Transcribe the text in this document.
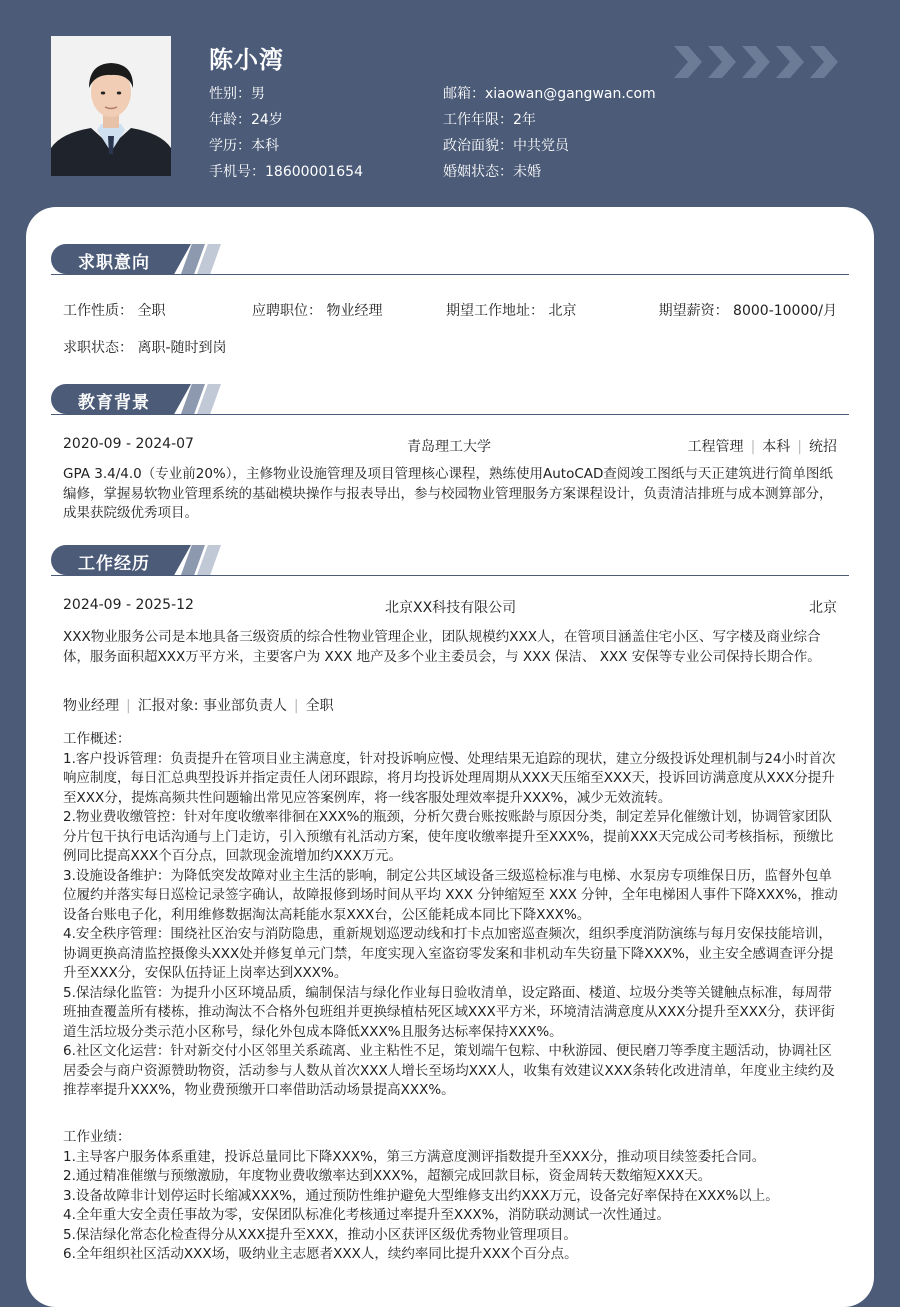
陈小湾
性别：男
年龄：24岁
学历：本科
手机号：18600001654
邮箱：xiaowan@gangwan.com
工作年限：2年
政治面貌：中共党员
婚姻状态：未婚
求职意向
工作性质： 全职	应聘职位： 物业经理	期望工作地址： 北京	期望薪资： 8000-10000/月
求职状态： 离职-随时到岗
教育背景
2020-09 - 2024-07	青岛理工大学	工程管理 | 本科 | 统招
GPA 3.4/4.0（专业前20%），主修物业设施管理及项目管理核心课程，熟练使用AutoCAD查阅竣工图纸与天正建筑进行简单图纸编修，掌握易软物业管理系统的基础模块操作与报表导出，参与校园物业管理服务方案课程设计，负责清洁排班与成本测算部分，成果获院级优秀项目。
工作经历
2024-09 - 2025-12	北京XX科技有限公司	北京
XXX物业服务公司是本地具备三级资质的综合性物业管理企业，团队规模约XXX人，在管项目涵盖住宅小区、写字楼及商业综合体，服务面积超XXX万平方米，主要客户为 XXX 地产及多个业主委员会，与 XXX 保洁、 XXX 安保等专业公司保持长期合作。
物业经理 | 汇报对象: 事业部负责人 | 全职
工作概述：
1.客户投诉管理：负责提升在管项目业主满意度，针对投诉响应慢、处理结果无追踪的现状，建立分级投诉处理机制与24小时首次响应制度，每日汇总典型投诉并指定责任人闭环跟踪，将月均投诉处理周期从XXX天压缩至XXX天，投诉回访满意度从XXX分提升至XXX分，提炼高频共性问题输出常见应答案例库，将一线客服处理效率提升XXX%，减少无效流转。
2.物业费收缴管控：针对年度收缴率徘徊在XXX%的瓶颈，分析欠费台账按账龄与原因分类，制定差异化催缴计划，协调管家团队分片包干执行电话沟通与上门走访，引入预缴有礼活动方案，使年度收缴率提升至XXX%，提前XXX天完成公司考核指标，预缴比例同比提高XXX个百分点，回款现金流增加约XXX万元。
3.设施设备维护：为降低突发故障对业主生活的影响，制定公共区域设备三级巡检标准与电梯、水泵房专项维保日历，监督外包单位履约并落实每日巡检记录签字确认，故障报修到场时间从平均 XXX 分钟缩短至 XXX 分钟，全年电梯困人事件下降XXX%，推动设备台账电子化，利用维修数据淘汰高耗能水泵XXX台，公区能耗成本同比下降XXX%。
4.安全秩序管理：围绕社区治安与消防隐患，重新规划巡逻动线和打卡点加密巡查频次，组织季度消防演练与每月安保技能培训，协调更换高清监控摄像头XXX处并修复单元门禁，年度实现入室盗窃零发案和非机动车失窃量下降XXX%，业主安全感调查评分提升至XXX分，安保队伍持证上岗率达到XXX%。
5.保洁绿化监管：为提升小区环境品质，编制保洁与绿化作业每日验收清单，设定路面、楼道、垃圾分类等关键触点标准，每周带班抽查覆盖所有楼栋，推动淘汰不合格外包班组并更换绿植枯死区域XXX平方米，环境清洁满意度从XXX分提升至XXX分，获评街道生活垃圾分类示范小区称号，绿化外包成本降低XXX%且服务达标率保持XXX%。
6.社区文化运营：针对新交付小区邻里关系疏离、业主粘性不足，策划端午包粽、中秋游园、便民磨刀等季度主题活动，协调社区居委会与商户资源赞助物资，活动参与人数从首次XXX人增长至场均XXX人，收集有效建议XXX条转化改进清单，年度业主续约及推荐率提升XXX%，物业费预缴开口率借助活动场景提高XXX%。
工作业绩：
1.主导客户服务体系重建，投诉总量同比下降XXX%，第三方满意度测评指数提升至XXX分，推动项目续签委托合同。
2.通过精准催缴与预缴激励，年度物业费收缴率达到XXX%，超额完成回款目标，资金周转天数缩短XXX天。
3.设备故障非计划停运时长缩减XXX%，通过预防性维护避免大型维修支出约XXX万元，设备完好率保持在XXX%以上。
4.全年重大安全责任事故为零，安保团队标准化考核通过率提升至XXX%，消防联动测试一次性通过。
5.保洁绿化常态化检查得分从XXX提升至XXX，推动小区获评区级优秀物业管理项目。
6.全年组织社区活动XXX场，吸纳业主志愿者XXX人，续约率同比提升XXX个百分点。
